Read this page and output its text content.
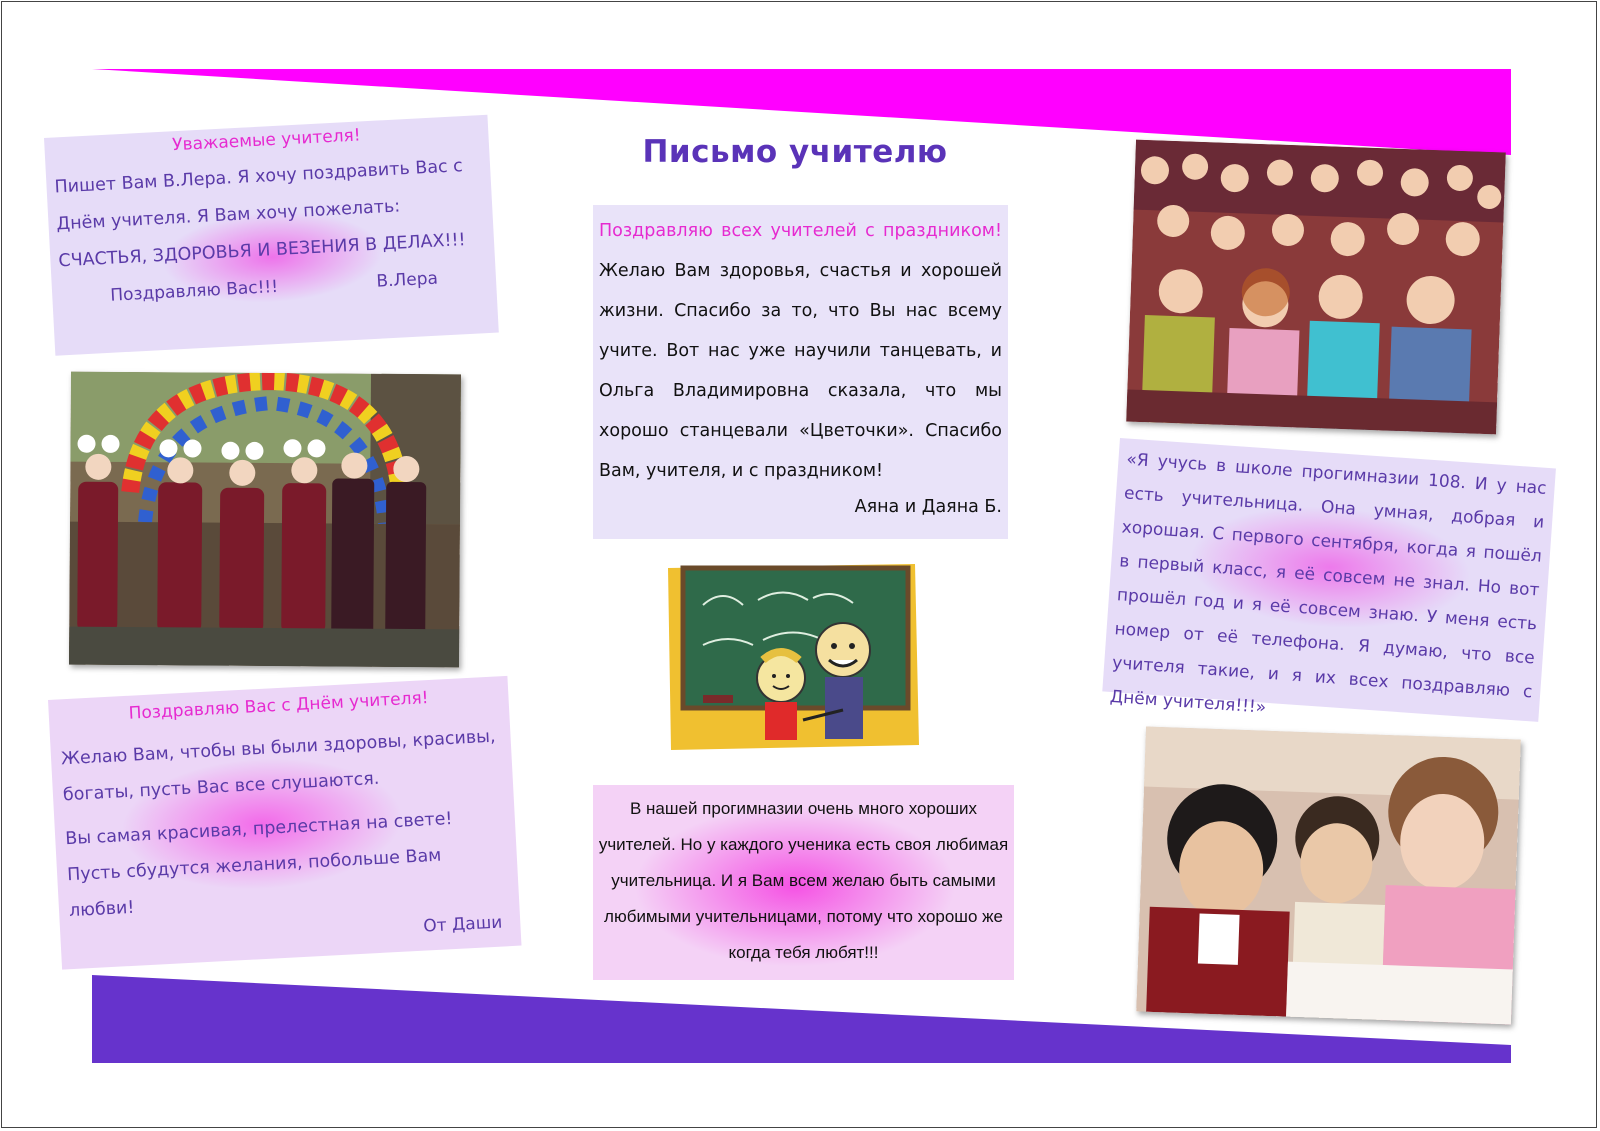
Уважаемые учителя!
Пишет Вам В.Лера. Я хочу поздравить Вас с Днём учителя. Я Вам хочу пожелать: СЧАСТЬЯ, ЗДОРОВЬЯ И ВЕЗЕНИЯ В ДЕЛАХ!!!
Поздравляю Вас!!!	В.Лера
Поздравляю Вас с Днём учителя!
Желаю Вам, чтобы вы были здоровы, красивы, богаты, пусть Вас все слушаются.
Вы самая красивая, прелестная на свете! Пусть сбудутся желания, побольше Вам любви!
От Даши
Письмо учителю
Поздравляю всех учителей с праздником!
Желаю Вам здоровья, счастья и хорошей жизни. Спасибо за то, что Вы нас всему учите. Вот нас уже научили танцевать, и Ольга Владимировна сказала, что мы хорошо станцевали «Цветочки». Спасибо Вам, учителя, и с праздником!
Аяна и Даяна Б.
В нашей прогимназии очень много хороших учителей. Но у каждого ученика есть своя любимая учительница. И я Вам всем желаю быть самыми любимыми учительницами, потому что хорошо же когда тебя любят!!!
«Я учусь в школе прогимназии 108. И у нас есть учительница. Она умная, добрая и хорошая. С первого сентября, когда я пошёл в первый класс, я её совсем не знал. Но вот прошёл год и я её совсем знаю. У меня есть номер от её телефона. Я думаю, что все учителя такие, и я их всех поздравляю с Днём учителя!!!»
